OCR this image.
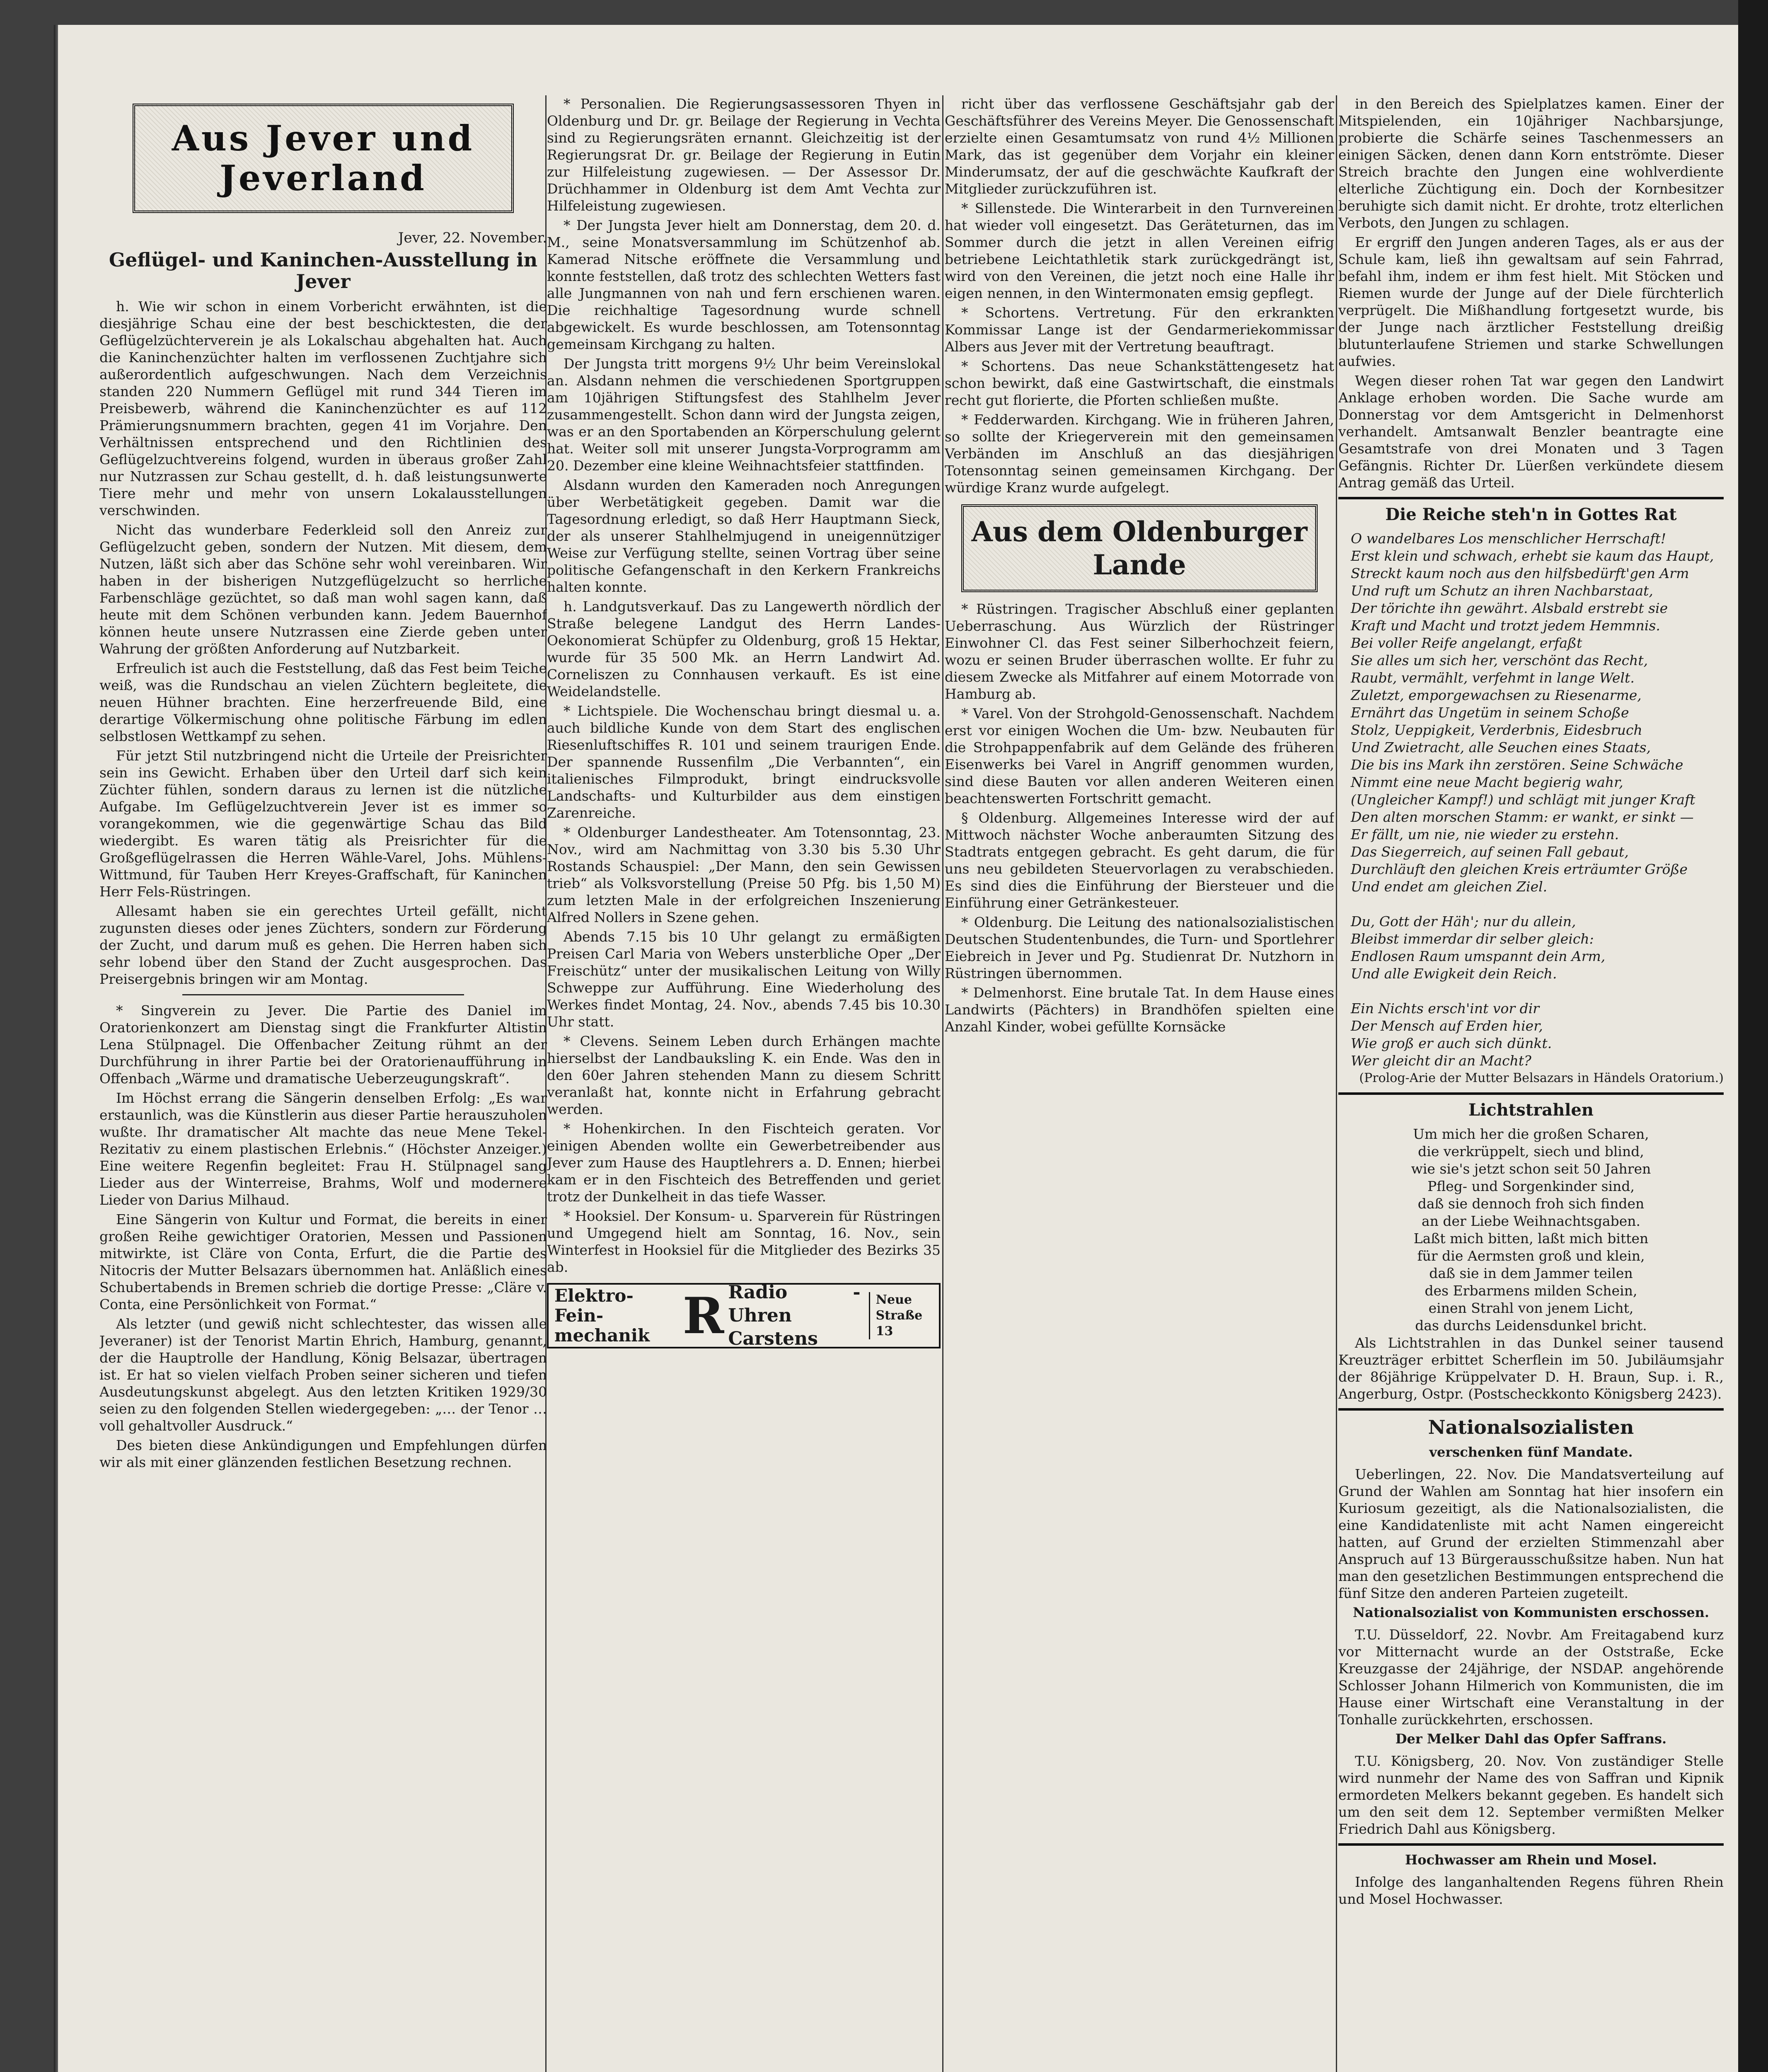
Aus Jever und Jeverland
Jever, 22. November.
Geflügel- und Kaninchen-Ausstellung in Jever

h. Wie wir schon in einem Vorbericht erwähnten, ist die diesjährige Schau eine der best beschicktesten, die der Geflügelzüchterverein je als Lokalschau abgehalten hat. Auch die Kaninchenzüchter halten im verflossenen Zuchtjahre sich außerordentlich aufgeschwungen. Nach dem Verzeichnis standen 220 Nummern Geflügel mit rund 344 Tieren im Preisbewerb, während die Kaninchenzüchter es auf 112 Prämierungsnummern brachten, gegen 41 im Vorjahre. Den Verhältnissen entsprechend und den Richtlinien des Geflügelzuchtvereins folgend, wurden in überaus großer Zahl nur Nutzrassen zur Schau gestellt, d. h. daß leistungsunwerte Tiere mehr und mehr von unsern Lokalausstellungen verschwinden.

Nicht das wunderbare Federkleid soll den Anreiz zur Geflügelzucht geben, sondern der Nutzen. Mit diesem, dem Nutzen, läßt sich aber das Schöne sehr wohl vereinbaren. Wir haben in der bisherigen Nutzgeflügelzucht so herrliche Farbenschläge gezüchtet, so daß man wohl sagen kann, daß heute mit dem Schönen verbunden kann. Jedem Bauernhof können heute unsere Nutzrassen eine Zierde geben unter Wahrung der größten Anforderung auf Nutzbarkeit.

Erfreulich ist auch die Feststellung, daß das Fest beim Teiche weiß, was die Rundschau an vielen Züchtern begleitete, die neuen Hühner brachten. Eine herzerfreuende Bild, eine derartige Völkermischung ohne politische Färbung im edlen selbstlosen Wettkampf zu sehen.

Für jetzt Stil nutzbringend nicht die Urteile der Preisrichter sein ins Gewicht. Erhaben über den Urteil darf sich kein Züchter fühlen, sondern daraus zu lernen ist die nützliche Aufgabe. Im Geflügelzuchtverein Jever ist es immer so vorangekommen, wie die gegenwärtige Schau das Bild wiedergibt. Es waren tätig als Preisrichter für die Großgeflügelrassen die Herren Wähle-Varel, Johs. Mühlens-Wittmund, für Tauben Herr Kreyes-Graffschaft, für Kaninchen Herr Fels-Rüstringen.

Allesamt haben sie ein gerechtes Urteil gefällt, nicht zugunsten dieses oder jenes Züchters, sondern zur Förderung der Zucht, und darum muß es gehen. Die Herren haben sich sehr lobend über den Stand der Zucht ausgesprochen. Das Preisergebnis bringen wir am Montag.

* Singverein zu Jever. Die Partie des Daniel im Oratorienkonzert am Dienstag singt die Frankfurter Altistin Lena Stülpnagel. Die Offenbacher Zeitung rühmt an der Durchführung in ihrer Partie bei der Oratorienaufführung in Offenbach „Wärme und dramatische Ueberzeugungskraft“.

Im Höchst errang die Sängerin denselben Erfolg: „Es war erstaunlich, was die Künstlerin aus dieser Partie herauszuholen wußte. Ihr dramatischer Alt machte das neue Mene Tekel-Rezitativ zu einem plastischen Erlebnis.“ (Höchster Anzeiger.) Eine weitere Regenfin begleitet: Frau H. Stülpnagel sang Lieder aus der Winterreise, Brahms, Wolf und modernere Lieder von Darius Milhaud.

Eine Sängerin von Kultur und Format, die bereits in einer großen Reihe gewichtiger Oratorien, Messen und Passionen mitwirkte, ist Cläre von Conta, Erfurt, die die Partie des Nitocris der Mutter Belsazars übernommen hat. Anläßlich eines Schubertabends in Bremen schrieb die dortige Presse: „Cläre v. Conta, eine Persönlichkeit von Format.“

Als letzter (und gewiß nicht schlechtester, das wissen alle Jeveraner) ist der Tenorist Martin Ehrich, Hamburg, genannt, der die Hauptrolle der Handlung, König Belsazar, übertragen ist. Er hat so vielen vielfach Proben seiner sicheren und tiefen Ausdeutungskunst abgelegt. Aus den letzten Kritiken 1929/30 seien zu den folgenden Stellen wiedergegeben: „… der Tenor … voll gehaltvoller Ausdruck.“

Des bieten diese Ankündigungen und Empfehlungen dürfen wir als mit einer glänzenden festlichen Besetzung rechnen.

* Personalien. Die Regierungsassessoren Thyen in Oldenburg und Dr. gr. Beilage der Regierung in Vechta sind zu Regierungsräten ernannt. Gleichzeitig ist der Regierungsrat Dr. gr. Beilage der Regierung in Eutin zur Hilfeleistung zugewiesen. — Der Assessor Dr. Drüchhammer in Oldenburg ist dem Amt Vechta zur Hilfeleistung zugewiesen.

* Der Jungsta Jever hielt am Donnerstag, dem 20. d. M., seine Monatsversammlung im Schützenhof ab. Kamerad Nitsche eröffnete die Versammlung und konnte feststellen, daß trotz des schlechten Wetters fast alle Jungmannen von nah und fern erschienen waren. Die reichhaltige Tagesordnung wurde schnell abgewickelt. Es wurde beschlossen, am Totensonntag gemeinsam Kirchgang zu halten.

Der Jungsta tritt morgens 9½ Uhr beim Vereinslokal an. Alsdann nehmen die verschiedenen Sportgruppen am 10jährigen Stiftungsfest des Stahlhelm Jever zusammengestellt. Schon dann wird der Jungsta zeigen, was er an den Sportabenden an Körperschulung gelernt hat. Weiter soll mit unserer Jungsta-Vorprogramm am 20. Dezember eine kleine Weihnachtsfeier stattfinden.

Alsdann wurden den Kameraden noch Anregungen über Werbetätigkeit gegeben. Damit war die Tagesordnung erledigt, so daß Herr Hauptmann Sieck, der als unserer Stahlhelmjugend in uneigennütziger Weise zur Verfügung stellte, seinen Vortrag über seine politische Gefangenschaft in den Kerkern Frankreichs halten konnte.

h. Landgutsverkauf. Das zu Langewerth nördlich der Straße belegene Landgut des Herrn Landes-Oekonomierat Schüpfer zu Oldenburg, groß 15 Hektar, wurde für 35 500 Mk. an Herrn Landwirt Ad. Corneliszen zu Connhausen verkauft. Es ist eine Weidelandstelle.

* Lichtspiele. Die Wochenschau bringt diesmal u. a. auch bildliche Kunde von dem Start des englischen Riesenluftschiffes R. 101 und seinem traurigen Ende. Der spannende Russenfilm „Die Verbannten“, ein italienisches Filmprodukt, bringt eindrucksvolle Landschafts- und Kulturbilder aus dem einstigen Zarenreiche.

* Oldenburger Landestheater. Am Totensonntag, 23. Nov., wird am Nachmittag von 3.30 bis 5.30 Uhr Rostands Schauspiel: „Der Mann, den sein Gewissen trieb“ als Volksvorstellung (Preise 50 Pfg. bis 1,50 M) zum letzten Male in der erfolgreichen Inszenierung Alfred Nollers in Szene gehen.

Abends 7.15 bis 10 Uhr gelangt zu ermäßigten Preisen Carl Maria von Webers unsterbliche Oper „Der Freischütz“ unter der musikalischen Leitung von Willy Schweppe zur Aufführung. Eine Wiederholung des Werkes findet Montag, 24. Nov., abends 7.45 bis 10.30 Uhr statt.

* Clevens. Seinem Leben durch Erhängen machte hierselbst der Landbauksling K. ein Ende. Was den in den 60er Jahren stehenden Mann zu diesem Schritt veranlaßt hat, konnte nicht in Erfahrung gebracht werden.

* Hohenkirchen. In den Fischteich geraten. Vor einigen Abenden wollte ein Gewerbetreibender aus Jever zum Hause des Hauptlehrers a. D. Ennen; hierbei kam er in den Fischteich des Betreffenden und geriet trotz der Dunkelheit in das tiefe Wasser.

* Hooksiel. Der Konsum- u. Sparverein für Rüstringen und Umgegend hielt am Sonntag, 16. Nov., sein Winterfest in Hooksiel für die Mitglieder des Bezirks 35 ab.

Elektro-Fein-
mechanik R Radio - Uhren
Carstens
Neue
Straße 13

richt über das verflossene Geschäftsjahr gab der Geschäftsführer des Vereins Meyer. Die Genossenschaft erzielte einen Gesamtumsatz von rund 4½ Millionen Mark, das ist gegenüber dem Vorjahr ein kleiner Minderumsatz, der auf die geschwächte Kaufkraft der Mitglieder zurückzuführen ist.

* Sillenstede. Die Winterarbeit in den Turnvereinen hat wieder voll eingesetzt. Das Geräteturnen, das im Sommer durch die jetzt in allen Vereinen eifrig betriebene Leichtathletik stark zurückgedrängt ist, wird von den Vereinen, die jetzt noch eine Halle ihr eigen nennen, in den Wintermonaten emsig gepflegt.

* Schortens. Vertretung. Für den erkrankten Kommissar Lange ist der Gendarmeriekommissar Albers aus Jever mit der Vertretung beauftragt.

* Schortens. Das neue Schankstättengesetz hat schon bewirkt, daß eine Gastwirtschaft, die einstmals recht gut florierte, die Pforten schließen mußte.

* Fedderwarden. Kirchgang. Wie in früheren Jahren, so sollte der Kriegerverein mit den gemeinsamen Verbänden im Anschluß an das diesjährigen Totensonntag seinen gemeinsamen Kirchgang. Der würdige Kranz wurde aufgelegt.

Aus dem Oldenburger Lande

* Rüstringen. Tragischer Abschluß einer geplanten Ueberraschung. Aus Würzlich der Rüstringer Einwohner Cl. das Fest seiner Silberhochzeit feiern, wozu er seinen Bruder überraschen wollte. Er fuhr zu diesem Zwecke als Mitfahrer auf einem Motorrade von Hamburg ab.

* Varel. Von der Strohgold-Genossenschaft. Nachdem erst vor einigen Wochen die Um- bzw. Neubauten für die Strohpappenfabrik auf dem Gelände des früheren Eisenwerks bei Varel in Angriff genommen wurden, sind diese Bauten vor allen anderen Weiteren einen beachtenswerten Fortschritt gemacht.

§ Oldenburg. Allgemeines Interesse wird der auf Mittwoch nächster Woche anberaumten Sitzung des Stadtrats entgegen gebracht. Es geht darum, die für uns neu gebildeten Steuervorlagen zu verabschieden. Es sind dies die Einführung der Biersteuer und die Einführung einer Getränkesteuer.

* Oldenburg. Die Leitung des nationalsozialistischen Deutschen Studentenbundes, die Turn- und Sportlehrer Eiebreich in Jever und Pg. Studienrat Dr. Nutzhorn in Rüstringen übernommen.

* Delmenhorst. Eine brutale Tat. In dem Hause eines Landwirts (Pächters) in Brandhöfen spielten eine Anzahl Kinder, wobei gefüllte Kornsäcke

in den Bereich des Spielplatzes kamen. Einer der Mitspielenden, ein 10jähriger Nachbarsjunge, probierte die Schärfe seines Taschenmessers an einigen Säcken, denen dann Korn entströmte. Dieser Streich brachte den Jungen eine wohlverdiente elterliche Züchtigung ein. Doch der Kornbesitzer beruhigte sich damit nicht. Er drohte, trotz elterlichen Verbots, den Jungen zu schlagen.

Er ergriff den Jungen anderen Tages, als er aus der Schule kam, ließ ihn gewaltsam auf sein Fahrrad, befahl ihm, indem er ihm fest hielt. Mit Stöcken und Riemen wurde der Junge auf der Diele fürchterlich verprügelt. Die Mißhandlung fortgesetzt wurde, bis der Junge nach ärztlicher Feststellung dreißig blutunterlaufene Striemen und starke Schwellungen aufwies.

Wegen dieser rohen Tat war gegen den Landwirt Anklage erhoben worden. Die Sache wurde am Donnerstag vor dem Amtsgericht in Delmenhorst verhandelt. Amtsanwalt Benzler beantragte eine Gesamtstrafe von drei Monaten und 3 Tagen Gefängnis. Richter Dr. Lüerßen verkündete diesem Antrag gemäß das Urteil.

Die Reiche steh'n in Gottes Rat
O wandelbares Los menschlicher Herrschaft!
Erst klein und schwach, erhebt sie kaum das Haupt,
Streckt kaum noch aus den hilfsbedürft'gen Arm
Und ruft um Schutz an ihren Nachbarstaat,
Der törichte ihn gewährt. Alsbald erstrebt sie
Kraft und Macht und trotzt jedem Hemmnis.
Bei voller Reife angelangt, erfaßt
Sie alles um sich her, verschönt das Recht,
Raubt, vermählt, verfehmt in lange Welt.
Zuletzt, emporgewachsen zu Riesenarme,
Ernährt das Ungetüm in seinem Schoße
Stolz, Ueppigkeit, Verderbnis, Eidesbruch
Und Zwietracht, alle Seuchen eines Staats,
Die bis ins Mark ihn zerstören. Seine Schwäche
Nimmt eine neue Macht begierig wahr,
(Ungleicher Kampf!) und schlägt mit junger Kraft
Den alten morschen Stamm: er wankt, er sinkt —
Er fällt, um nie, nie wieder zu erstehn.
Das Siegerreich, auf seinen Fall gebaut,
Durchläuft den gleichen Kreis erträumter Größe
Und endet am gleichen Ziel.

Du, Gott der Häh'; nur du allein,
Bleibst immerdar dir selber gleich:
Endlosen Raum umspannt dein Arm,
Und alle Ewigkeit dein Reich.

Ein Nichts ersch'int vor dir
Der Mensch auf Erden hier,
Wie groß er auch sich dünkt.
Wer gleicht dir an Macht?
(Prolog-Arie der Mutter Belsazars in Händels Oratorium.)
Lichtstrahlen
Um mich her die großen Scharen,
die verkrüppelt, siech und blind,
wie sie's jetzt schon seit 50 Jahren
Pfleg- und Sorgenkinder sind,
daß sie dennoch froh sich finden
an der Liebe Weihnachtsgaben.
Laßt mich bitten, laßt mich bitten
für die Aermsten groß und klein,
daß sie in dem Jammer teilen
des Erbarmens milden Schein,
einen Strahl von jenem Licht,
das durchs Leidensdunkel bricht.

Als Lichtstrahlen in das Dunkel seiner tausend Kreuzträger erbittet Scherflein im 50. Jubiläumsjahr der 86jährige Krüppelvater D. H. Braun, Sup. i. R., Angerburg, Ostpr. (Postscheckkonto Königsberg 2423).

Nationalsozialisten
verschenken fünf Mandate.

Ueberlingen, 22. Nov. Die Mandatsverteilung auf Grund der Wahlen am Sonntag hat hier insofern ein Kuriosum gezeitigt, als die Nationalsozialisten, die eine Kandidatenliste mit acht Namen eingereicht hatten, auf Grund der erzielten Stimmenzahl aber Anspruch auf 13 Bürgerausschußsitze haben. Nun hat man den gesetzlichen Bestimmungen entsprechend die fünf Sitze den anderen Parteien zugeteilt.

Nationalsozialist von Kommunisten erschossen.

T.U. Düsseldorf, 22. Novbr. Am Freitagabend kurz vor Mitternacht wurde an der Oststraße, Ecke Kreuzgasse der 24jährige, der NSDAP. angehörende Schlosser Johann Hilmerich von Kommunisten, die im Hause einer Wirtschaft eine Veranstaltung in der Tonhalle zurückkehrten, erschossen.

Der Melker Dahl das Opfer Saffrans.

T.U. Königsberg, 20. Nov. Von zuständiger Stelle wird nunmehr der Name des von Saffran und Kipnik ermordeten Melkers bekannt gegeben. Es handelt sich um den seit dem 12. September vermißten Melker Friedrich Dahl aus Königsberg.

Hochwasser am Rhein und Mosel.

Infolge des langanhaltenden Regens führen Rhein und Mosel Hochwasser.
